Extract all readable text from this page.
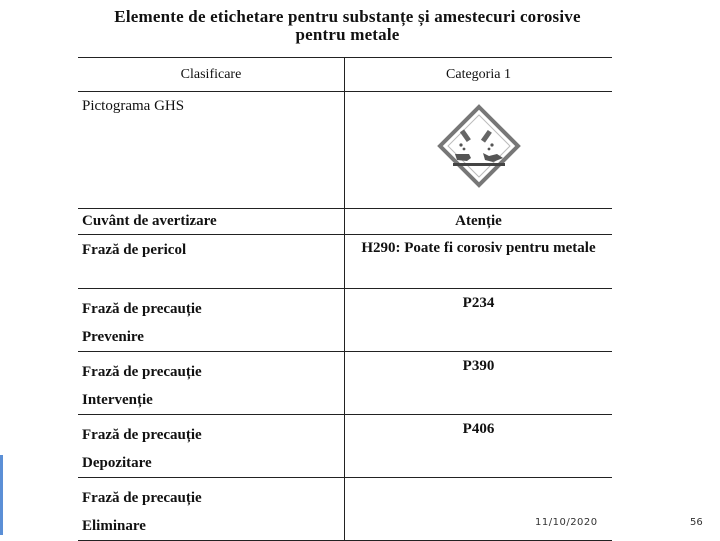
Elemente de etichetare pentru substanțe și amestecuri corosive
pentru metale
Clasificare	Categoria 1
Pictograma GHS	
Cuvânt de avertizare	Atenție
Frază de pericol	H290: Poate fi corosiv pentru metale
Frază de precauție
Prevenire	P234
Frază de precauție
Intervenție	P390
Frază de precauție
Depozitare	P406
Frază de precauție
Eliminare		11/10/2020	56
